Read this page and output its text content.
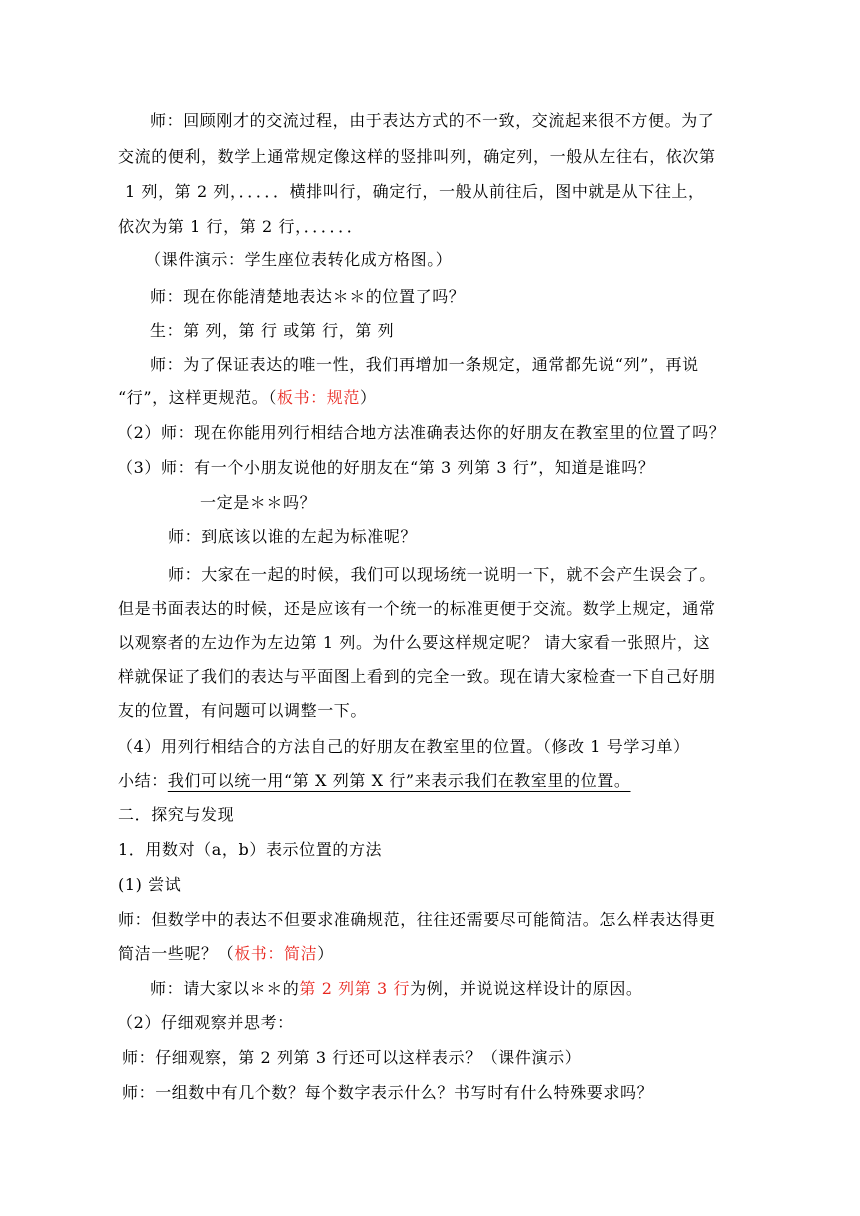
师：回顾刚才的交流过程，由于表达方式的不一致，交流起来很不方便。为了
交流的便利，数学上通常规定像这样的竖排叫列，确定列，一般从左往右，依次第
1 列，第 2 列，．．．．．横排叫行，确定行，一般从前往后，图中就是从下往上，
依次为第 1 行，第 2 行，．．．．．．
（课件演示：学生座位表转化成方格图。）
师：现在你能清楚地表达＊＊的位置了吗？
生：第 列，第 行 或第 行，第 列
师：为了保证表达的唯一性，我们再增加一条规定，通常都先说“列”，再说
“行”，这样更规范。（板书：规范）
（2）师：现在你能用列行相结合地方法准确表达你的好朋友在教室里的位置了吗？
（3）师：有一个小朋友说他的好朋友在“第 3 列第 3 行”，知道是谁吗？
一定是＊＊吗？
师：到底该以谁的左起为标准呢？
师：大家在一起的时候，我们可以现场统一说明一下，就不会产生误会了。
但是书面表达的时候，还是应该有一个统一的标准更便于交流。数学上规定，通常
以观察者的左边作为左边第 1 列。为什么要这样规定呢？ 请大家看一张照片，这
样就保证了我们的表达与平面图上看到的完全一致。现在请大家检查一下自己好朋
友的位置，有问题可以调整一下。
（4）用列行相结合的方法自己的好朋友在教室里的位置。（修改 1 号学习单）
小结：我们可以统一用“第 X 列第 X 行”来表示我们在教室里的位置。
二．探究与发现
1．用数对（a，b）表示位置的方法
(1) 尝试
师：但数学中的表达不但要求准确规范，往往还需要尽可能简洁。怎么样表达得更
简洁一些呢？（板书：简洁）
师：请大家以＊＊的第 2 列第 3 行为例，并说说这样设计的原因。
（2）仔细观察并思考：
师：仔细观察，第 2 列第 3 行还可以这样表示？（课件演示）
师：一组数中有几个数？每个数字表示什么？书写时有什么特殊要求吗？
